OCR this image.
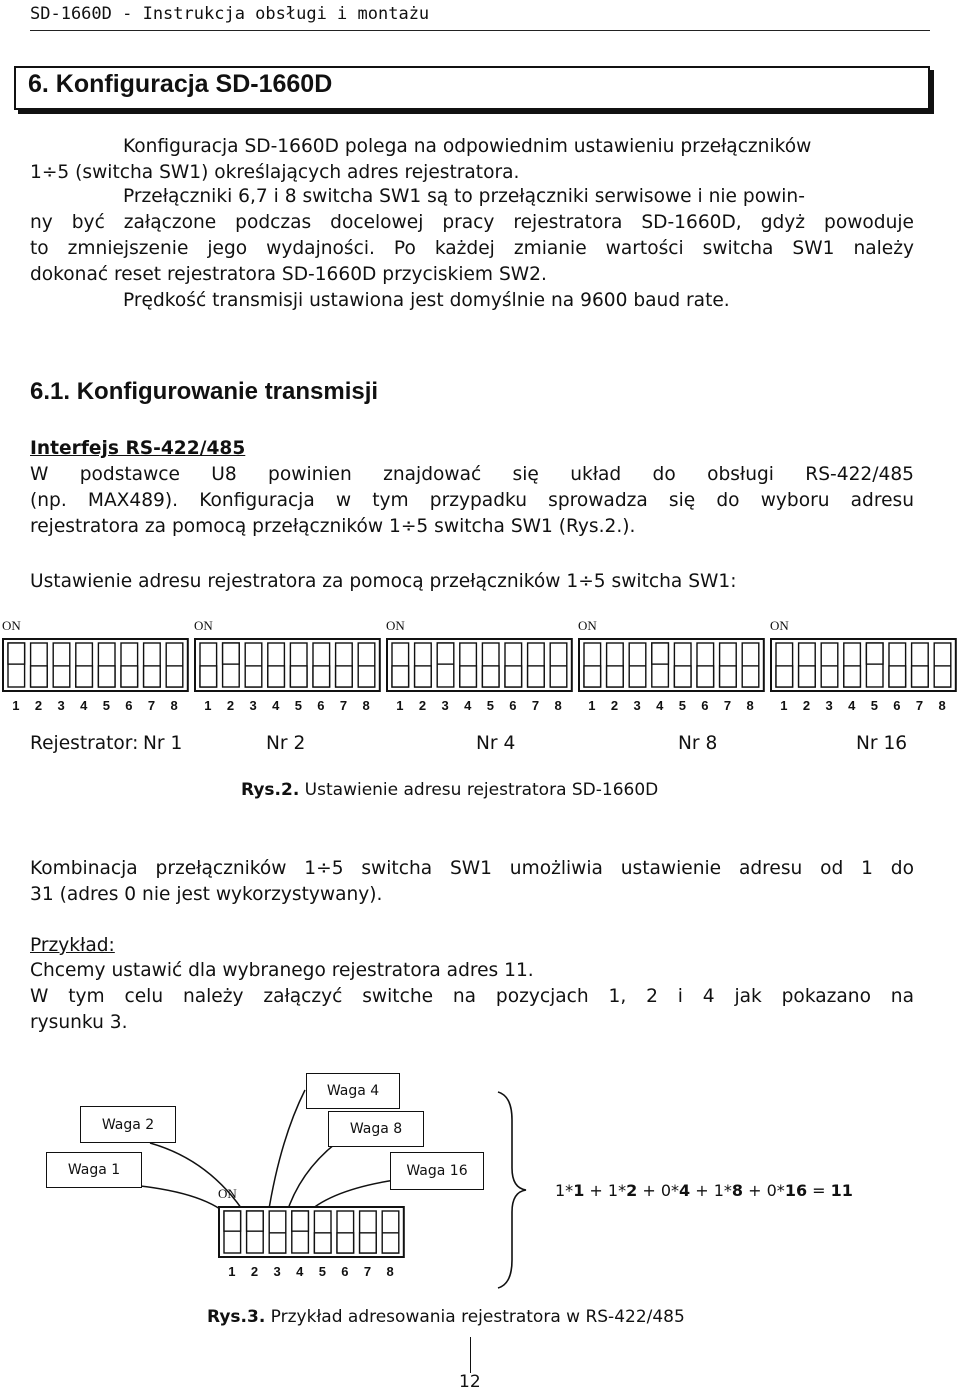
SD-1660D - Instrukcja obsługi i montażu
6. Konfiguracja SD-1660D
Konfiguracja SD-1660D polega na odpowiednim ustawieniu przełączników
1÷5 (switcha SW1) określających adres rejestratora.
Przełączniki 6,7 i 8 switcha SW1 są to przełączniki serwisowe i nie powin-
ny być załączone podczas docelowej pracy rejestratora SD-1660D, gdyż powoduje
to zmniejszenie jego wydajności. Po każdej zmianie wartości switcha SW1 należy
dokonać reset rejestratora SD-1660D przyciskiem SW2.
Prędkość transmisji ustawiona jest domyślnie na 9600 baud rate.
6.1. Konfigurowanie transmisji
Interfejs RS-422/485
W podstawce U8 powinien znajdować się układ do obsługi RS-422/485
(np. MAX489). Konfiguracja w tym przypadku sprowadza się do wyboru adresu
rejestratora za pomocą przełączników 1÷5 switcha SW1 (Rys.2.).
Ustawienie adresu rejestratora za pomocą przełączników 1÷5 switcha SW1:
ON
1 2 3 4 5 6 7 8
ON
1 2 3 4 5 6 7 8
ON
1 2 3 4 5 6 7 8
ON
1 2 3 4 5 6 7 8
ON
1 2 3 4 5 6 7 8
Rejestrator: Nr 1	Nr 2	Nr 4	Nr 8	Nr 16
Rys.2. Ustawienie adresu rejestratora SD-1660D
Kombinacja przełączników 1÷5 switcha SW1 umożliwia ustawienie adresu od 1 do
31 (adres 0 nie jest wykorzystywany).
Przykład:
Chcemy ustawić dla wybranego rejestratora adres 11.
W tym celu należy załączyć switche na pozycjach 1, 2 i 4 jak pokazano na
rysunku 3.
Waga 4
Waga 2	Waga 8
Waga 1	Waga 16
ON
1 2 3 4 5 6 7 8
1*1 + 1*2 + 0*4 + 1*8 + 0*16 = 11
Rys.3. Przykład adresowania rejestratora w RS-422/485
12
